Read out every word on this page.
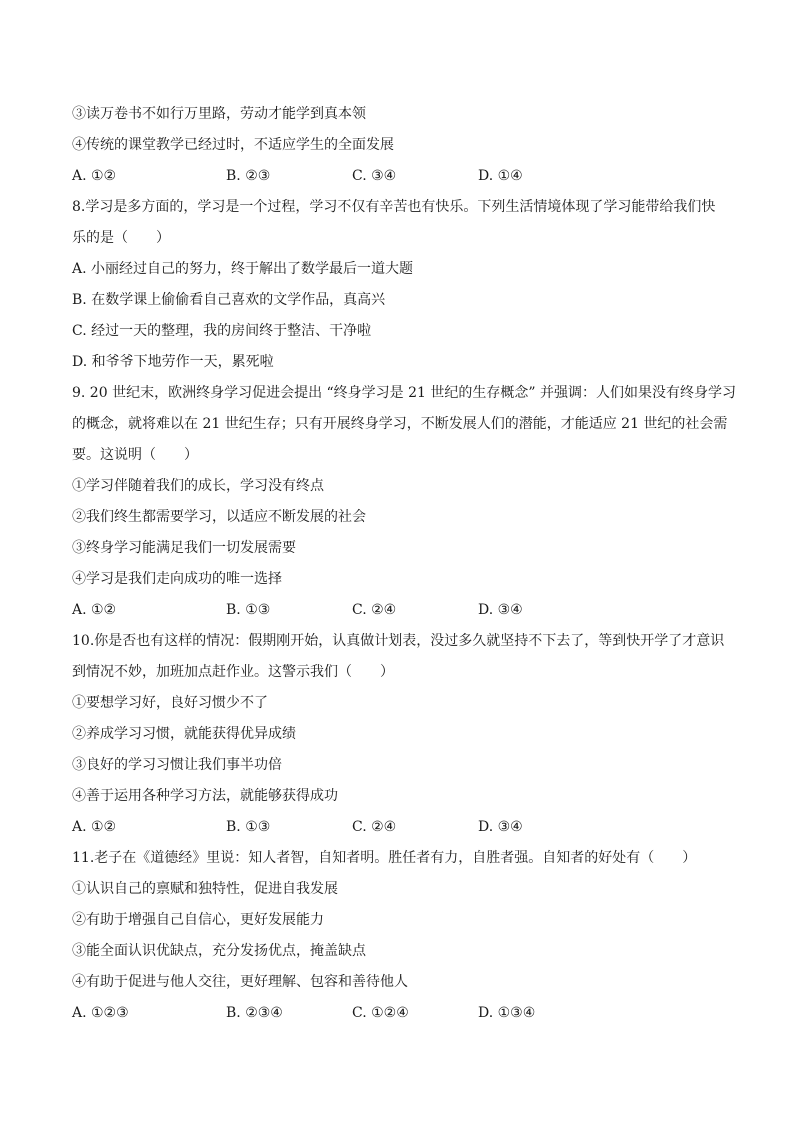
③读万卷书不如行万里路，劳动才能学到真本领
④传统的课堂教学已经过时，不适应学生的全面发展
A. ①②	B. ②③	C. ③④	D. ①④
8.学习是多方面的，学习是一个过程，学习不仅有辛苦也有快乐。下列生活情境体现了学习能带给我们快
乐的是（　　）
A. 小丽经过自己的努力，终于解出了数学最后一道大题
B. 在数学课上偷偷看自己喜欢的文学作品，真高兴
C. 经过一天的整理，我的房间终于整洁、干净啦
D. 和爷爷下地劳作一天，累死啦
9. 20 世纪末，欧洲终身学习促进会提出 “终身学习是 21 世纪的生存概念” 并强调：人们如果没有终身学习
的概念，就将难以在 21 世纪生存；只有开展终身学习，不断发展人们的潜能，才能适应 21 世纪的社会需
要。这说明（　　）
①学习伴随着我们的成长，学习没有终点
②我们终生都需要学习，以适应不断发展的社会
③终身学习能满足我们一切发展需要
④学习是我们走向成功的唯一选择
A. ①②	B. ①③	C. ②④	D. ③④
10.你是否也有这样的情况：假期刚开始，认真做计划表，没过多久就坚持不下去了，等到快开学了才意识
到情况不妙，加班加点赶作业。这警示我们（　　）
①要想学习好，良好习惯少不了
②养成学习习惯，就能获得优异成绩
③良好的学习习惯让我们事半功倍
④善于运用各种学习方法，就能够获得成功
A. ①②	B. ①③	C. ②④	D. ③④
11.老子在《道德经》里说：知人者智，自知者明。胜任者有力，自胜者强。自知者的好处有（　　）
①认识自己的禀赋和独特性，促进自我发展
②有助于增强自己自信心，更好发展能力
③能全面认识优缺点，充分发扬优点，掩盖缺点
④有助于促进与他人交往，更好理解、包容和善待他人
A. ①②③	B. ②③④	C. ①②④	D. ①③④
